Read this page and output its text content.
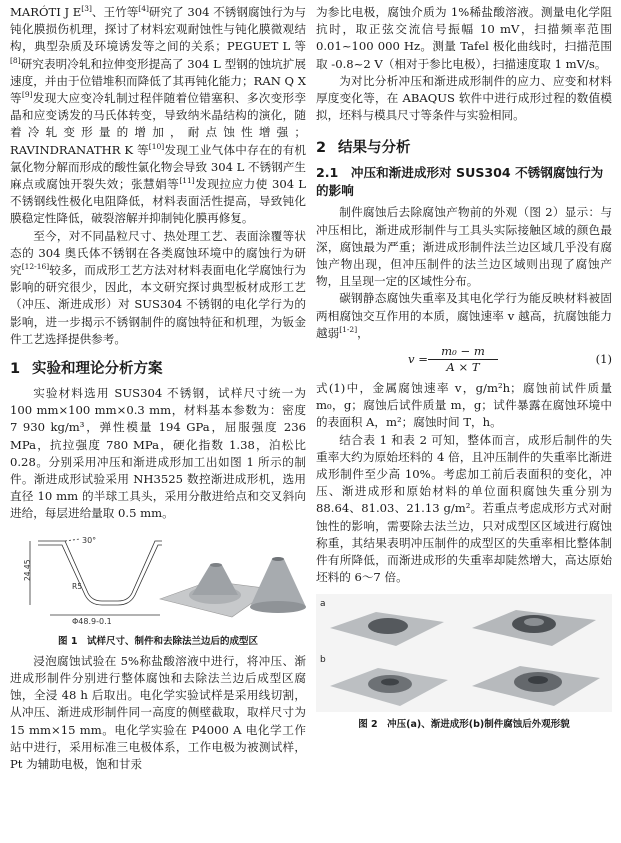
MARÓTI J E[3]、王竹等[4]研究了 304 不锈钢腐蚀行为与钝化膜损伤机理，探讨了材料宏观耐蚀性与钝化膜微观结构，典型杂质及环境诱发等之间的关系；PEGUET L 等[8]研究表明冷轧和拉伸变形提高了 304 L 型钢的蚀坑扩展速度，并由于位错堆积而降低了其再钝化能力；RAN Q X 等[9]发现大应变冷轧制过程伴随着位错塞积、多次变形孪晶和应变诱发的马氏体转变，导致纳米晶结构的演化，随着冷轧变形量的增加，耐点蚀性增强；RAVINDRANATHR K 等[10]发现工业气体中存在的有机氯化物分解而形成的酸性氯化物会导致 304 L 不锈钢产生麻点或腐蚀开裂失效；张慧娟等[11]发现拉应力使 304 L 不锈钢线性极化电阻降低，材料表面活性提高，导致钝化膜稳定性降低，破裂溶解并抑制钝化膜再修复。

至今，对不同晶粒尺寸、热处理工艺、表面涂覆等状态的 304 奥氏体不锈钢在各类腐蚀环境中的腐蚀行为研究[12-16]较多，而成形工艺方法对材料表面电化学腐蚀行为影响的研究很少，因此，本文研究探讨典型板材成形工艺（冲压、渐进成形）对 SUS304 不锈钢的电化学行为的影响，进一步揭示不锈钢制件的腐蚀特征和机理，为钣金件工艺选择提供参考。

1 实验和理论分析方案

实验材料选用 SUS304 不锈钢，试样尺寸统一为 100 mm×100 mm×0.3 mm，材料基本参数为：密度 7 930 kg/m³，弹性模量 194 GPa，屈服强度 236 MPa，抗拉强度 780 MPa，硬化指数 1.38，泊松比 0.28。分别采用冲压和渐进成形加工出如图 1 所示的制件。渐进成形试验采用 NH3525 数控渐进成形机，选用直径 10 mm 的半球工具头，采用分散进给点和交叉斜向进给，每层进给量取 0.5 mm。

30°
24.45
R5
Φ48.9-0.1
图 1　试样尺寸、制件和去除法兰边后的成型区

浸泡腐蚀试验在 5%称盐酸溶液中进行，将冲压、渐进成形制件分别进行整体腐蚀和去除法兰边后成型区腐蚀，全浸 48 h 后取出。电化学实验试样是采用线切割，从冲压、渐进成形制件同一高度的侧壁截取，取样尺寸为 15 mm×15 mm。电化学实验在 P4000 A 电化学工作站中进行，采用标准三电极体系，工作电极为被测试样，Pt 为辅助电极，饱和甘汞

为参比电极，腐蚀介质为 1%稀盐酸溶液。测量电化学阻抗时，取正弦交流信号振幅 10 mV，扫描频率范围 0.01~100 000 Hz。测量 Tafel 极化曲线时，扫描范围取 -0.8~2 V（相对于参比电极），扫描速度取 1 mV/s。

为对比分析冲压和渐进成形制件的应力、应变和材料厚度变化等，在 ABAQUS 软件中进行成形过程的数值模拟，坯料与模具尺寸等条件与实验相同。

2 结果与分析
2.1　冲压和渐进成形对 SUS304 不锈钢腐蚀行为的影响

制件腐蚀后去除腐蚀产物前的外观（图 2）显示：与冲压相比，渐进成形制件与工具头实际接触区域的颜色最深，腐蚀最为严重；渐进成形制件法兰边区域几乎没有腐蚀产物出现，但冲压制件的法兰边区域则出现了腐蚀产物，且呈现一定的区域性分布。

碳钢静态腐蚀失重率及其电化学行为能反映材料被固两相腐蚀交互作用的本质，腐蚀速率 v 越高，抗腐蚀能力越弱[1-2]，

$v = \frac{\text{m₀ − m}}{A \times T}$	(1)

式(1)中，金属腐蚀速率 v，g/m²h；腐蚀前试件质量 m₀，g；腐蚀后试件质量 m，g；试件暴露在腐蚀环境中的表面积 A，m²；腐蚀时间 T，h。

结合表 1 和表 2 可知，整体而言，成形后制件的失重率大约为原始坯料的 4 倍，且冲压制件的失重率比渐进成形制件至少高 10%。考虑加工前后表面积的变化，冲压、渐进成形和原始材料的单位面积腐蚀失重分别为 88.64、81.03、21.13 g/m²。若重点考虑成形方式对耐蚀性的影响，需要除去法兰边，只对成型区区域进行腐蚀称重，其结果表明冲压制件的成型区的失重率相比整体制件有所降低，而渐进成形的失重率却陡然增大，高达原始坯料的 6～7 倍。

a
b
图 2　冲压(a)、渐进成形(b)制件腐蚀后外观形貌
